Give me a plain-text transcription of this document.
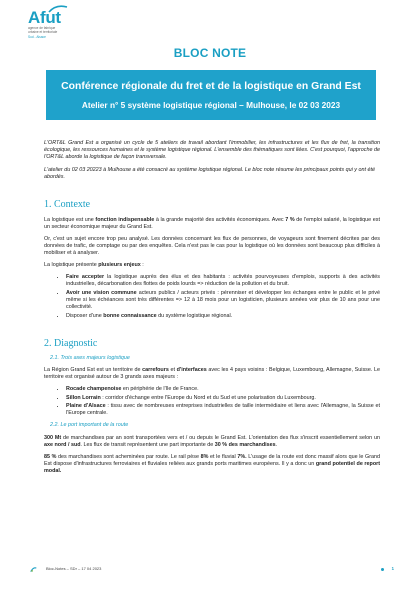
Afut
agence de fabrique
urbaine et territoriale
Sud - Alsace
BLOC NOTE
Conférence régionale du fret et de la logistique en Grand Est
Atelier n° 5 système logistique régional – Mulhouse, le 02 03 2023

L'ORT&L Grand Est a organisé un cycle de 5 ateliers de travail abordant l'immobilier, les infrastructures et les flux de fret, la transition écologique, les ressources humaines et le système logistique régional. L'ensemble des thématiques sont liées. C'est pourquoi, l'approche de l'ORT&L aborde la logistique de façon transversale.

L'atelier du 02 03 20223 à Mulhouse a été consacré au système logistique régional. Le bloc note résume les principaux points qui y ont été abordés.

1. Contexte

La logistique est une fonction indispensable à la grande majorité des activités économiques. Avec 7 % de l'emploi salarié, la logistique est un secteur économique majeur du Grand Est.

Or, c'est un sujet encore trop peu analysé. Les données concernant les flux de personnes, de voyageurs sont finement décrites par des données de trafic, de comptage ou par des enquêtes. Cela n'est pas le cas pour la logistique où les données sont beaucoup plus difficiles à mobiliser et à analyser.

La logistique présente plusieurs enjeux :

• Faire accepter la logistique auprès des élus et des habitants : activités pourvoyeuses d'emplois, supports à des activités industrielles, décarbonation des flottes de poids lourds => réduction de la pollution et du bruit.
• Avoir une vision commune acteurs publics / acteurs privés : pérenniser et développer les échanges entre le public et le privé même si les échéances sont très différentes => 12 à 18 mois pour un logisticien, plusieurs années voir plus de 10 ans pour une collectivité.
• Disposer d'une bonne connaissance du système logistique régional.
2. Diagnostic
2.1. Trois axes majeurs logistique

La Région Grand Est est un territoire de carrefours et d'interfaces avec les 4 pays voisins : Belgique, Luxembourg, Allemagne, Suisse. Le territoire est organisé autour de 3 grands axes majeurs :

• Rocade champenoise en périphérie de l'Ile de France.
• Sillon Lorrain : corridor d'échange entre l'Europe du Nord et du Sud et une polarisation du Luxembourg.
• Plaine d'Alsace : tissu avec de nombreuses entreprises industrielles de taille intermédiaire et liens avec l'Allemagne, la Suisse et l'Europe centrale.
2.2. Le port important de la route

300 Mt de marchandises par an sont transportées vers et / ou depuis le Grand Est. L'orientation des flux s'inscrit essentiellement selon un axe nord / sud. Les flux de transit représentent une part importante de 30 % des marchandises.

85 % des marchandises sont acheminées par route. Le rail pèse 8% et le fluvial 7%. L'usage de la route est donc massif alors que le Grand Est dispose d'infrastructures ferroviaires et fluviales reliées aux grands ports maritimes européens. Il y a donc un grand potentiel de report modal.

Bloc-Notes – SDr – 17 04 2023	1
